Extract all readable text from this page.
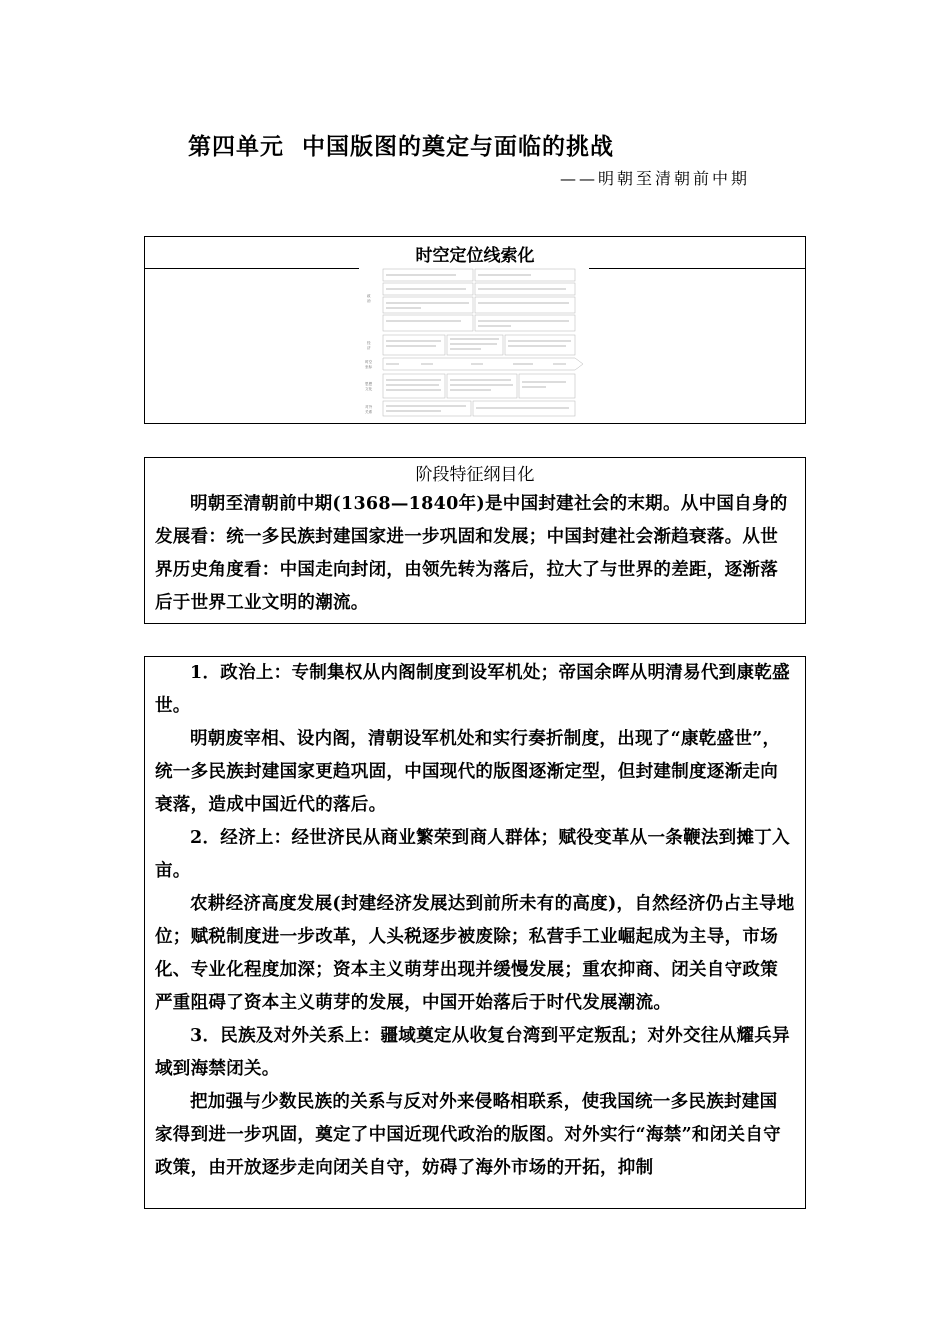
第四单元 中国版图的奠定与面临的挑战
——明朝至清朝前中期
时空定位线索化
政
治
经
济
时空
坐标
思想
文化
对外
关系
阶段特征纲目化

明朝至清朝前中期(1368—1840年)是中国封建社会的末期。从中国自身的发展看：统一多民族封建国家进一步巩固和发展；中国封建社会渐趋衰落。从世界历史角度看：中国走向封闭，由领先转为落后，拉大了与世界的差距，逐渐落后于世界工业文明的潮流。

1．政治上：专制集权从内阁制度到设军机处；帝国余晖从明清易代到康乾盛世。

明朝废宰相、设内阁，清朝设军机处和实行奏折制度，出现了“康乾盛世”，统一多民族封建国家更趋巩固，中国现代的版图逐渐定型，但封建制度逐渐走向衰落，造成中国近代的落后。

2．经济上：经世济民从商业繁荣到商人群体；赋役变革从一条鞭法到摊丁入亩。

农耕经济高度发展(封建经济发展达到前所未有的高度)，自然经济仍占主导地位；赋税制度进一步改革，人头税逐步被废除；私营手工业崛起成为主导，市场化、专业化程度加深；资本主义萌芽出现并缓慢发展；重农抑商、闭关自守政策严重阻碍了资本主义萌芽的发展，中国开始落后于时代发展潮流。

3．民族及对外关系上：疆域奠定从收复台湾到平定叛乱；对外交往从耀兵异域到海禁闭关。

把加强与少数民族的关系与反对外来侵略相联系，使我国统一多民族封建国家得到进一步巩固，奠定了中国近现代政治的版图。对外实行“海禁”和闭关自守政策，由开放逐步走向闭关自守，妨碍了海外市场的开拓，抑制
